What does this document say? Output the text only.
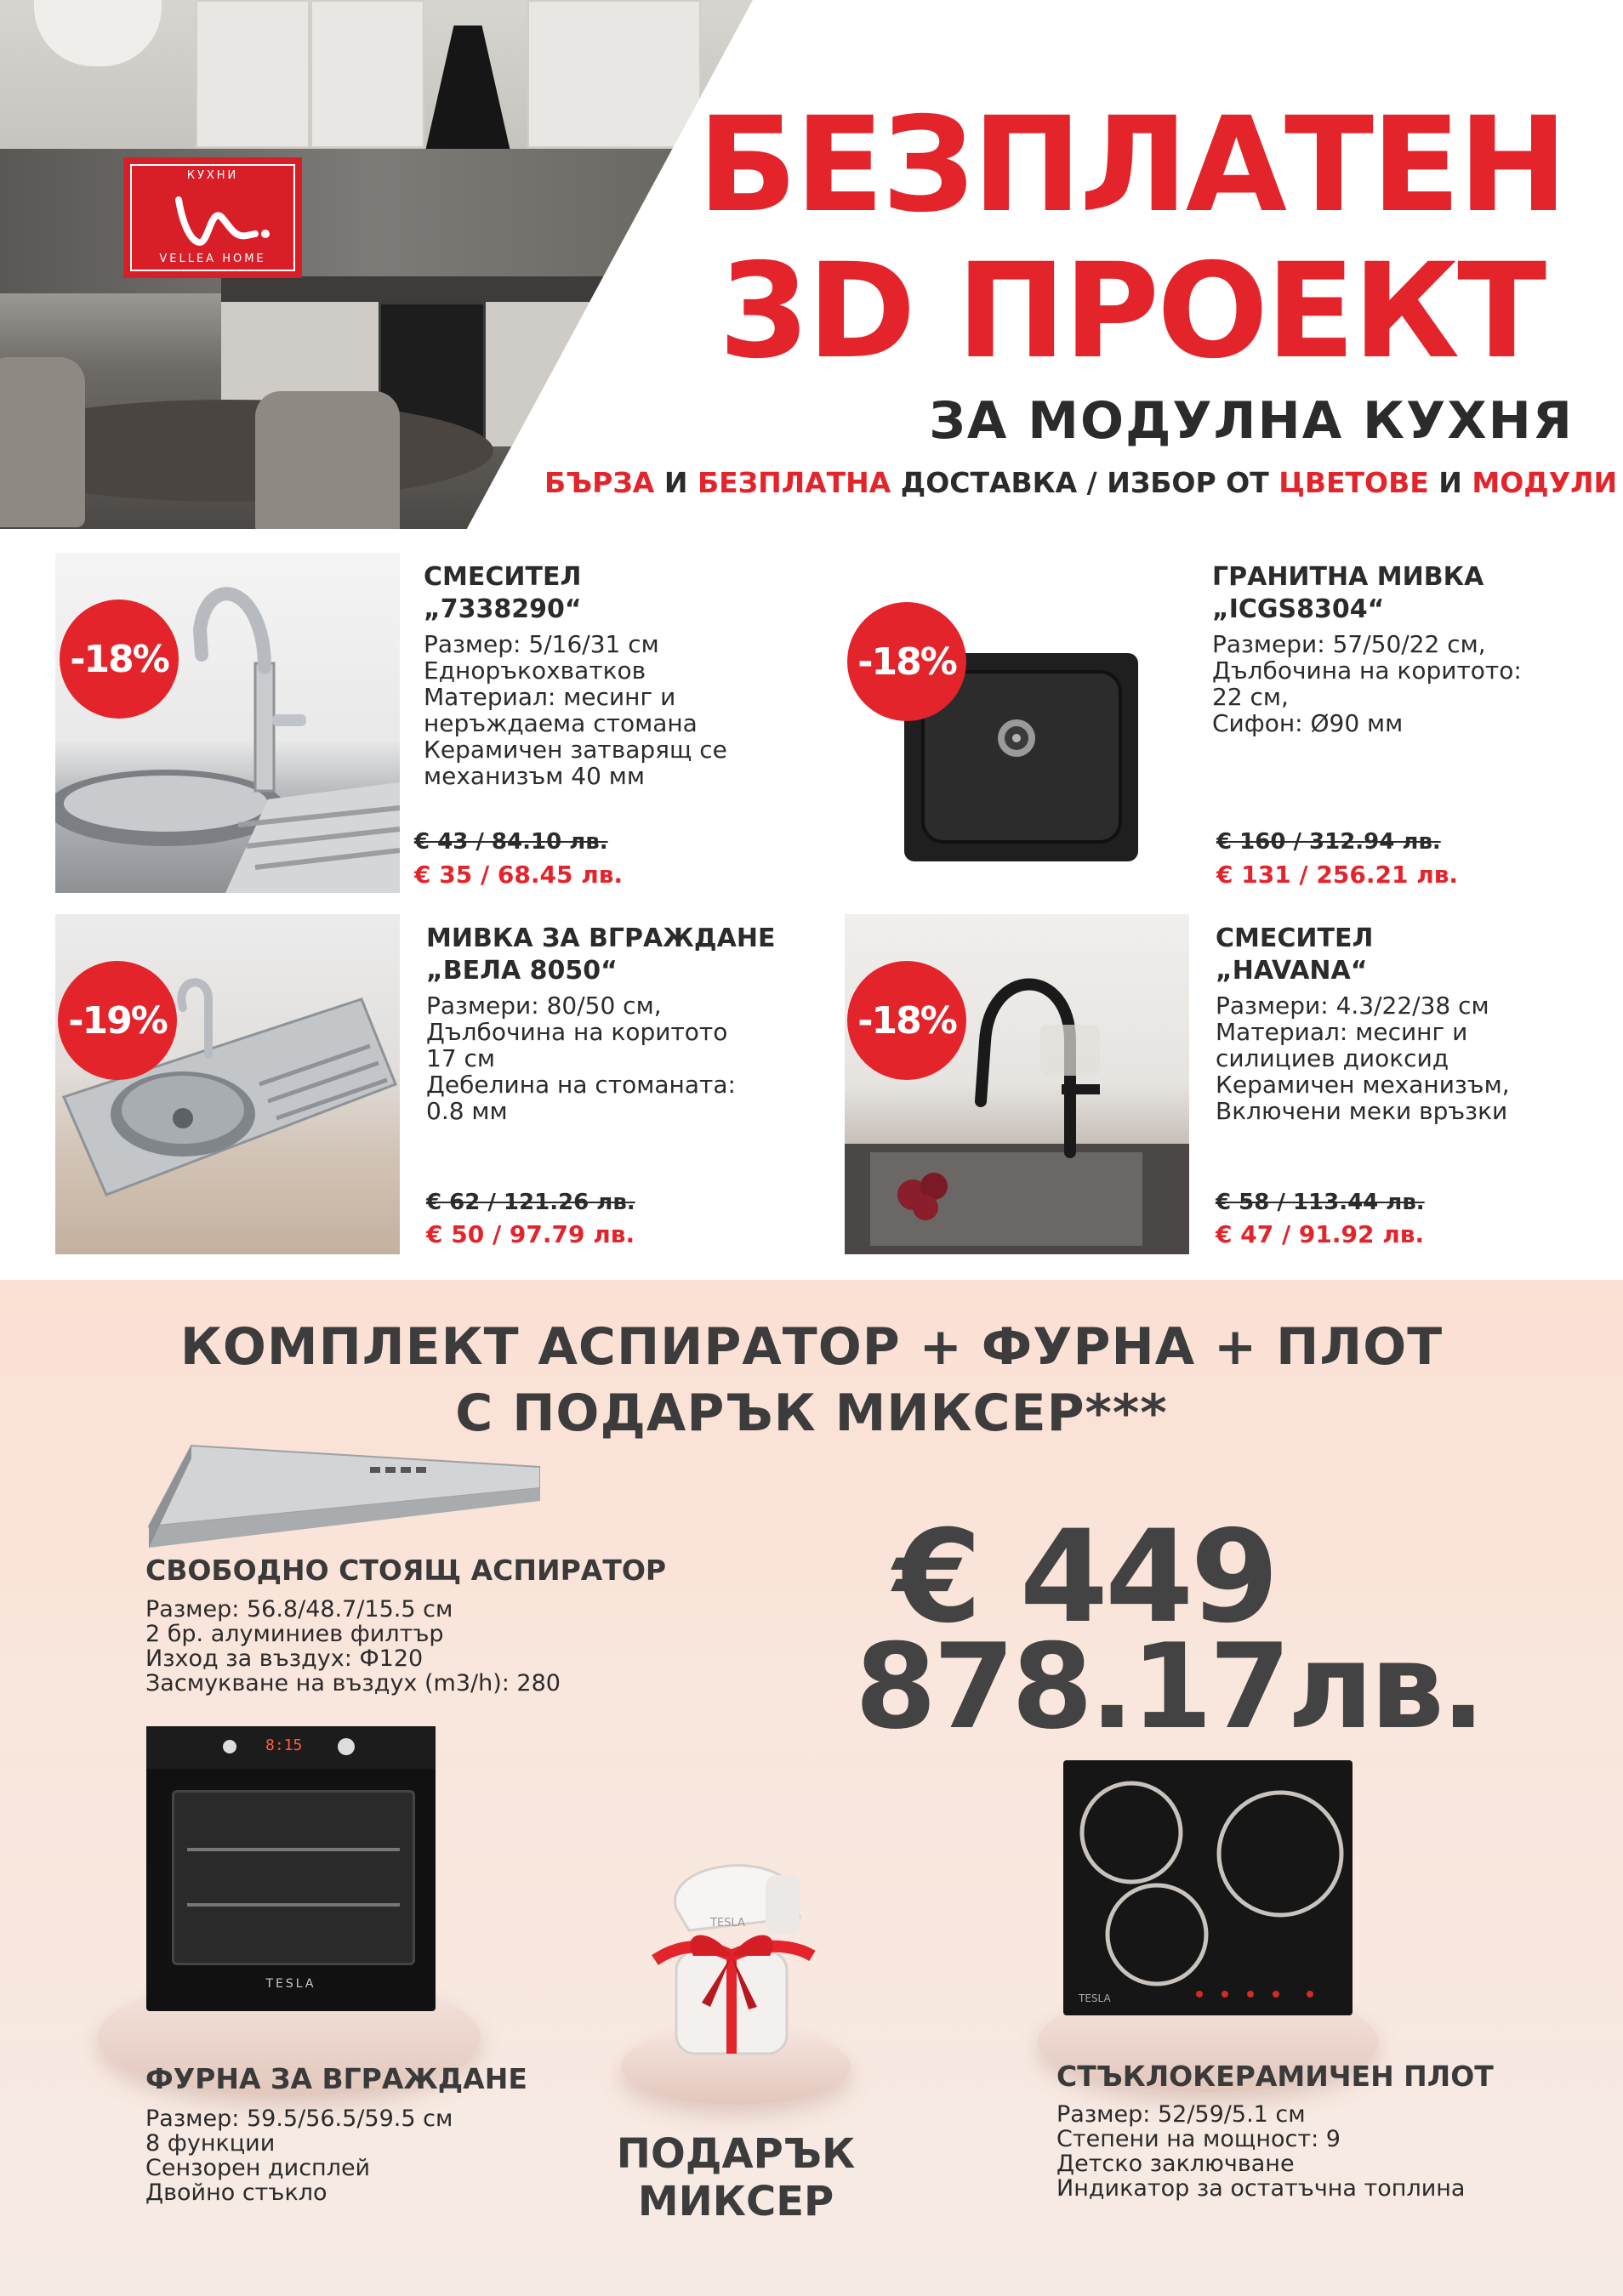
КУХНИ
VELLEA HOME
БЕЗПЛАТЕН
3D ПРОЕКТ
ЗА МОДУЛНА КУХНЯ
БЪРЗА И БЕЗПЛАТНА ДОСТАВКА / ИЗБОР ОТ ЦВЕТОВЕ И МОДУЛИ
-18%
СМЕСИТЕЛ
„7338290“
Размер: 5/16/31 см
Еднoръкохватков
Материал: месинг и
неръждаема стомана
Керамичен затварящ се
механизъм 40 мм
€ 43 / 84.10 лв.
€ 35 / 68.45 лв.
-18%
ГРАНИТНА МИВКА
„ICGS8304“
Размери: 57/50/22 см,
Дълбочина на коритото:
22 см,
Сифон: Ø90 мм
€ 160 / 312.94 лв.
€ 131 / 256.21 лв.
-19%
МИВКА ЗА ВГРАЖДАНЕ
„ВЕЛА 8050“
Размери: 80/50 см,
Дълбочина на коритото
17 см
Дебелина на стоманата:
0.8 мм
€ 62 / 121.26 лв.
€ 50 / 97.79 лв.
-18%
СМЕСИТЕЛ
„HAVANA“
Размери: 4.3/22/38 см
Материал: месинг и
силициев диоксид
Керамичен механизъм,
Включени меки връзки
€ 58 / 113.44 лв.
€ 47 / 91.92 лв.
КОМПЛЕКТ АСПИРАТОР + ФУРНА + ПЛОТ
С ПОДАРЪК МИКСЕР***
СВОБОДНО СТОЯЩ АСПИРАТОР
Размер: 56.8/48.7/15.5 см
2 бр. алуминиев филтър
Изход за въздух: Ф120
Засмукване на въздух (m3/h): 280
€ 449
878.17лв.
8:15
TESLA
ФУРНА ЗА ВГРАЖДАНЕ
Размер: 59.5/56.5/59.5 см
8 функции
Сензорен дисплей
Двойно стъкло
TESLA
ПОДАРЪК
МИКСЕР
TESLA
СТЪКЛОКЕРАМИЧЕН ПЛОТ
Размер: 52/59/5.1 см
Степени на мощност: 9
Детско заключване
Индикатор за остатъчна топлина
